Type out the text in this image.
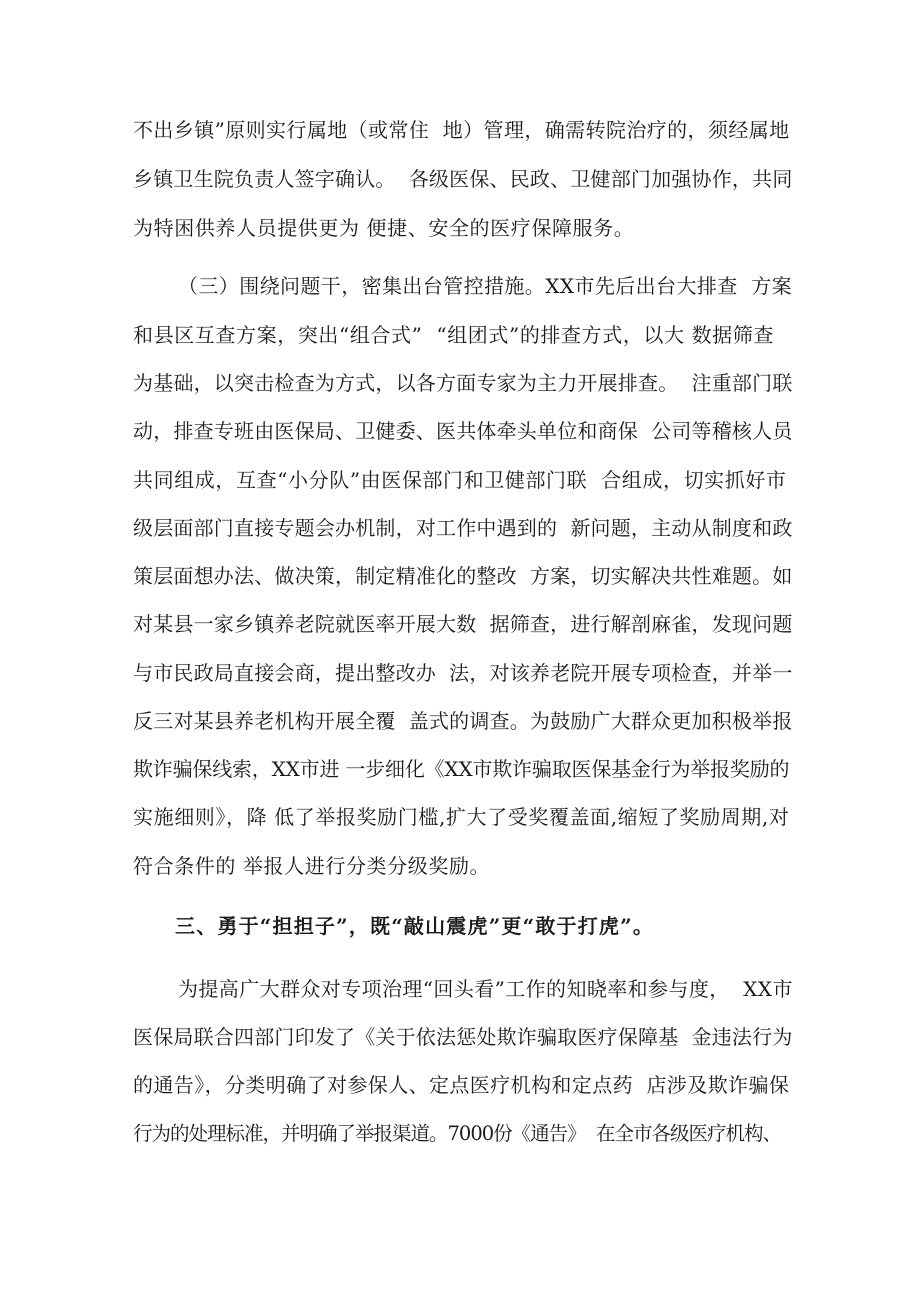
不出乡镇”原则实行属地（或常住  地）管理，确需转院治疗的，须经属地
乡镇卫生院负责人签字确认。  各级医保、民政、卫健部门加强协作，共同
为特困供养人员提供更为 便捷、安全的医疗保障服务。
（三）围绕问题干，密集出台管控措施。XX市先后出台大排查  方案
和县区互查方案，突出“组合式”  “组团式”的排查方式，以大 数据筛查
为基础，以突击检查为方式，以各方面专家为主力开展排查。  注重部门联
动，排查专班由医保局、卫健委、医共体牵头单位和商保  公司等稽核人员
共同组成，互查“小分队”由医保部门和卫健部门联  合组成，切实抓好市
级层面部门直接专题会办机制，对工作中遇到的  新问题，主动从制度和政
策层面想办法、做决策，制定精准化的整改  方案，切实解决共性难题。如
对某县一家乡镇养老院就医率开展大数  据筛查，进行解剖麻雀，发现问题
与市民政局直接会商，提出整改办  法，对该养老院开展专项检查，并举一
反三对某县养老机构开展全覆  盖式的调查。为鼓励广大群众更加积极举报
欺诈骗保线索，XX市进 一步细化《XX市欺诈骗取医保基金行为举报奖励的
实施细则》，降 低了举报奖励门槛,扩大了受奖覆盖面,缩短了奖励周期,对
符合条件的 举报人进行分类分级奖励。
三、勇于“担担子”，既“敲山震虎”更“敢于打虎”。
为提高广大群众对专项治理“回头看”工作的知晓率和参与度，  XX市
医保局联合四部门印发了《关于依法惩处欺诈骗取医疗保障基  金违法行为
的通告》，分类明确了对参保人、定点医疗机构和定点药  店涉及欺诈骗保
行为的处理标准，并明确了举报渠道。7000份《通告》  在全市各级医疗机构、
